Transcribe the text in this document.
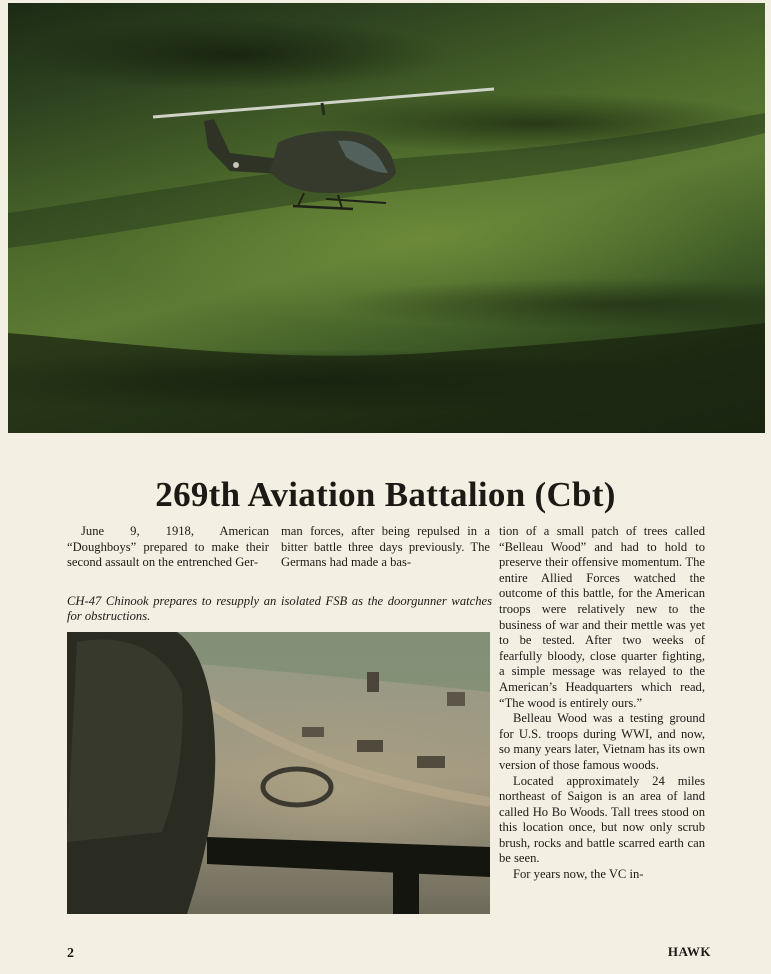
269th Aviation Battalion (Cbt)

June 9, 1918, American “Doughboys” prepared to make their second assault on the entrenched Ger-

man forces, after being repulsed in a bitter battle three days previously. The Germans had made a bas-

tion of a small patch of trees called “Belleau Wood” and had to hold to preserve their offensive momentum. The entire Allied Forces watched the outcome of this battle, for the American troops were relatively new to the business of war and their mettle was yet to be tested. After two weeks of fearfully bloody, close quarter fighting, a simple message was relayed to the American’s Headquarters which read, “The wood is entirely ours.”

Belleau Wood was a testing ground for U.S. troops during WWI, and now, so many years later, Vietnam has its own version of those famous woods.

Located approximately 24 miles northeast of Saigon is an area of land called Ho Bo Woods. Tall trees stood on this location once, but now only scrub brush, rocks and battle scarred earth can be seen.

For years now, the VC in-

CH-47 Chinook prepares to resupply an isolated FSB as the doorgunner watches for obstructions.
2	HAWK
